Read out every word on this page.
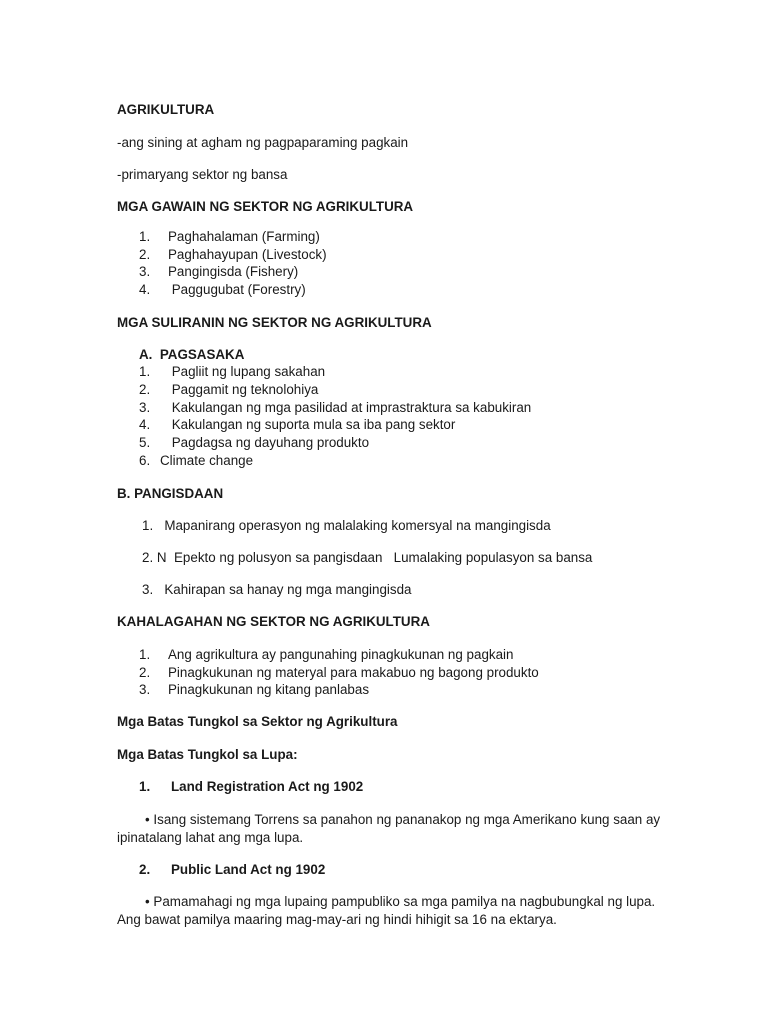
AGRIKULTURA
-ang sining at agham ng pagpaparaming pagkain
-primaryang sektor ng bansa
MGA GAWAIN NG SEKTOR NG AGRIKULTURA
1. Paghahalaman (Farming)
2. Paghahayupan (Livestock)
3. Pangingisda (Fishery)
4. Paggugubat (Forestry)
MGA SULIRANIN NG SEKTOR NG AGRIKULTURA
A.  PAGSASAKA
1. Pagliit ng lupang sakahan
2. Paggamit ng teknolohiya
3. Kakulangan ng mga pasilidad at imprastraktura sa kabukiran
4. Kakulangan ng suporta mula sa iba pang sektor
5. Pagdagsa ng dayuhang produkto
6. Climate change
B. PANGISDAAN
1.   Mapanirang operasyon ng malalaking komersyal na mangingisda
2. N  Epekto ng polusyon sa pangisdaan   Lumalaking populasyon sa bansa
3.   Kahirapan sa hanay ng mga mangingisda
KAHALAGAHAN NG SEKTOR NG AGRIKULTURA
1. Ang agrikultura ay pangunahing pinagkukunan ng pagkain
2. Pinagkukunan ng materyal para makabuo ng bagong produkto
3. Pinagkukunan ng kitang panlabas
Mga Batas Tungkol sa Sektor ng Agrikultura
Mga Batas Tungkol sa Lupa:
1. Land Registration Act ng 1902
• Isang sistemang Torrens sa panahon ng pananakop ng mga Amerikano kung saan ay
ipinatalang lahat ang mga lupa.
2. Public Land Act ng 1902
• Pamamahagi ng mga lupaing pampubliko sa mga pamilya na nagbubungkal ng lupa.
Ang bawat pamilya maaring mag-may-ari ng hindi hihigit sa 16 na ektarya.
